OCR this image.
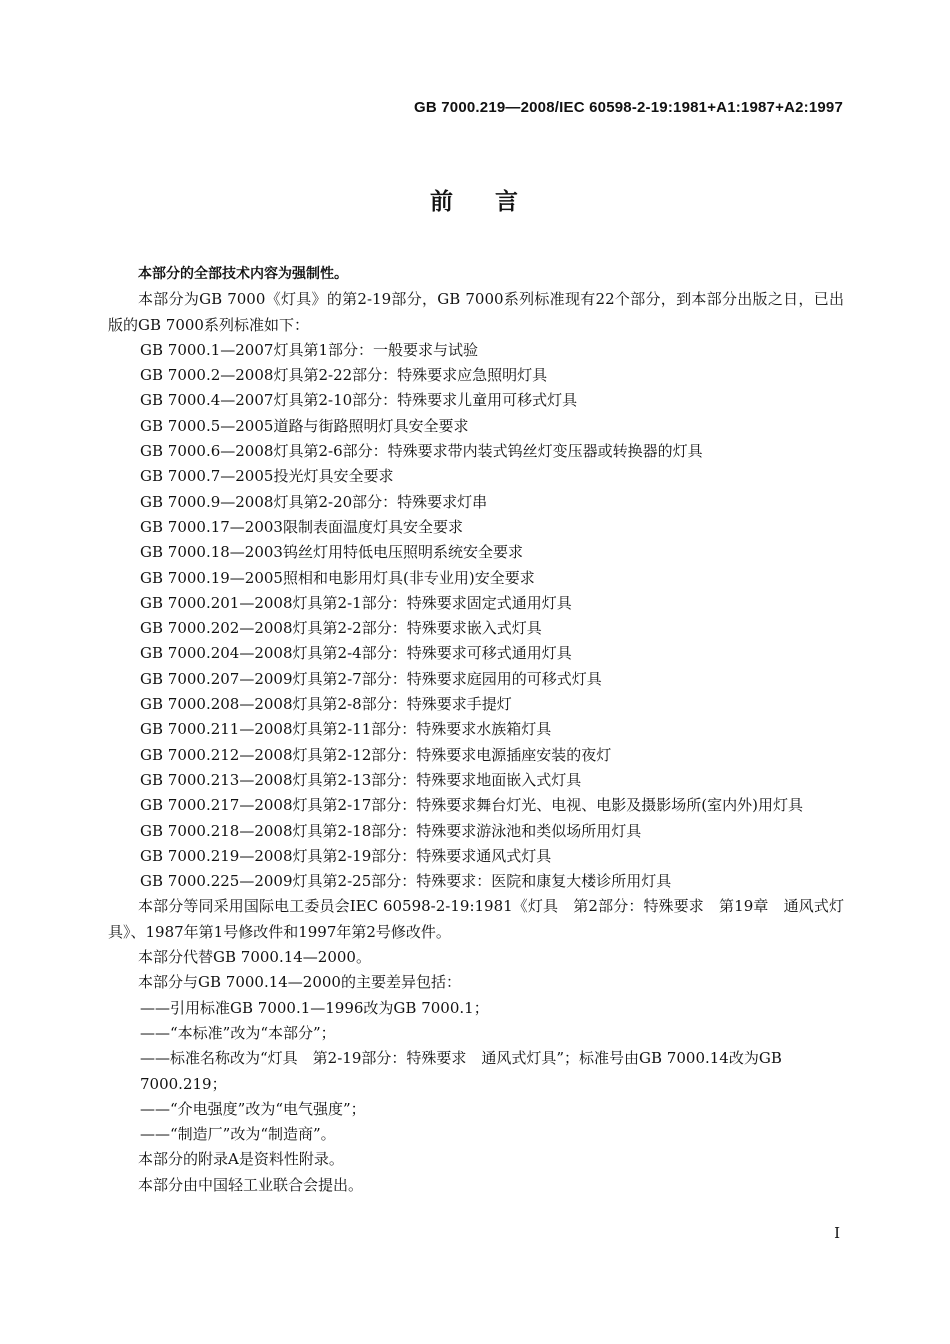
GB 7000.219—2008/IEC 60598-2-19:1981+A1:1987+A2:1997
前 言

本部分的全部技术内容为强制性。

本部分为GB 7000《灯具》的第2-19部分，GB 7000系列标准现有22个部分，到本部分出版之日，已出版的GB 7000系列标准如下：

GB 7000.1—2007灯具第1部分：一般要求与试验

GB 7000.2—2008灯具第2-22部分：特殊要求应急照明灯具

GB 7000.4—2007灯具第2-10部分：特殊要求儿童用可移式灯具

GB 7000.5—2005道路与街路照明灯具安全要求

GB 7000.6—2008灯具第2-6部分：特殊要求带内装式钨丝灯变压器或转换器的灯具

GB 7000.7—2005投光灯具安全要求

GB 7000.9—2008灯具第2-20部分：特殊要求灯串

GB 7000.17—2003限制表面温度灯具安全要求

GB 7000.18—2003钨丝灯用特低电压照明系统安全要求

GB 7000.19—2005照相和电影用灯具(非专业用)安全要求

GB 7000.201—2008灯具第2-1部分：特殊要求固定式通用灯具

GB 7000.202—2008灯具第2-2部分：特殊要求嵌入式灯具

GB 7000.204—2008灯具第2-4部分：特殊要求可移式通用灯具

GB 7000.207—2009灯具第2-7部分：特殊要求庭园用的可移式灯具

GB 7000.208—2008灯具第2-8部分：特殊要求手提灯

GB 7000.211—2008灯具第2-11部分：特殊要求水族箱灯具

GB 7000.212—2008灯具第2-12部分：特殊要求电源插座安装的夜灯

GB 7000.213—2008灯具第2-13部分：特殊要求地面嵌入式灯具

GB 7000.217—2008灯具第2-17部分：特殊要求舞台灯光、电视、电影及摄影场所(室内外)用灯具

GB 7000.218—2008灯具第2-18部分：特殊要求游泳池和类似场所用灯具

GB 7000.219—2008灯具第2-19部分：特殊要求通风式灯具

GB 7000.225—2009灯具第2-25部分：特殊要求：医院和康复大楼诊所用灯具

本部分等同采用国际电工委员会IEC 60598-2-19:1981《灯具　第2部分：特殊要求　第19章　通风式灯具》、1987年第1号修改件和1997年第2号修改件。

本部分代替GB 7000.14—2000。

本部分与GB 7000.14—2000的主要差异包括：

——引用标准GB 7000.1—1996改为GB 7000.1；

——“本标准”改为“本部分”；

——标准名称改为“灯具　第2-19部分：特殊要求　通风式灯具”；标准号由GB 7000.14改为GB 7000.219；

——“介电强度”改为“电气强度”；

——“制造厂”改为“制造商”。

本部分的附录A是资料性附录。

本部分由中国轻工业联合会提出。

I
